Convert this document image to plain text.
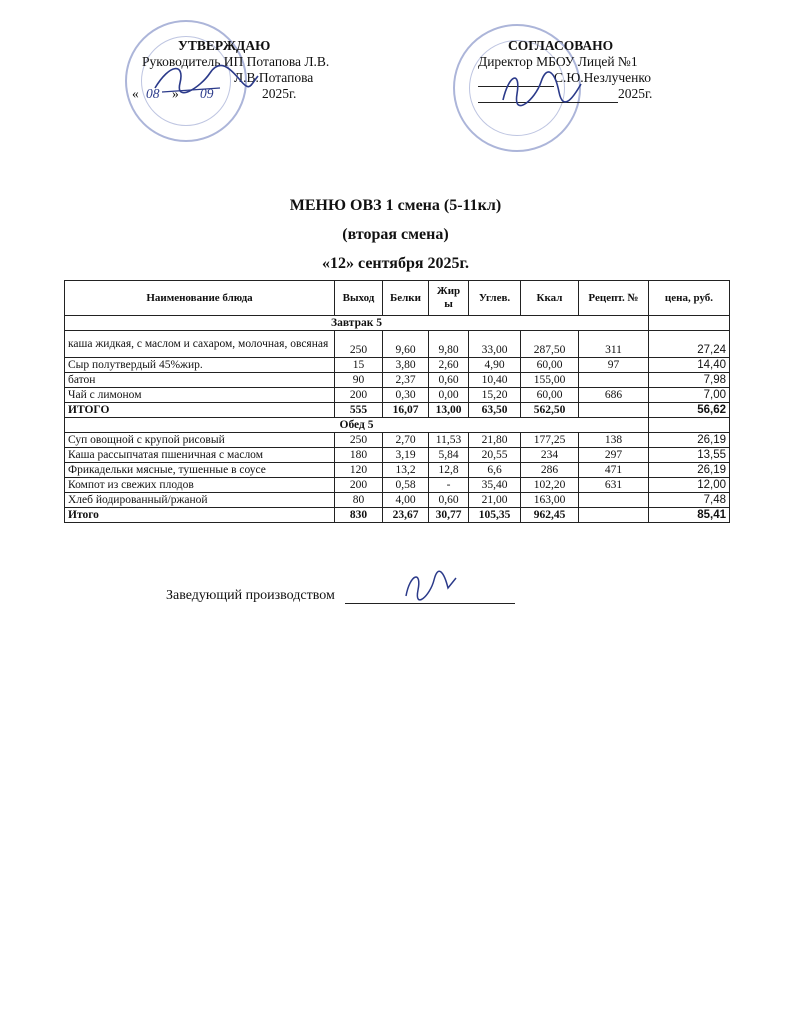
УТВЕРЖДАЮ
Руководитель ИП Потапова Л.В.
Л.В.Потапова
« 08 » 09	2025г.
СОГЛАСОВАНО
Директор МБОУ Лицей №1
С.Ю.Незлученко
2025г.
МЕНЮ ОВЗ 1 смена (5-11кл)
(вторая смена)
«12» сентября 2025г.
Наименование блюда	Выход	Белки	Жир ы	Углев.	Ккал	Рецепт. №	цена, руб.
Завтрак 5							
каша жидкая, с маслом и сахаром, молочная, овсяная	250	9,60	9,80	33,00	287,50	311	27,24
Сыр полутвердый 45%жир.	15	3,80	2,60	4,90	60,00	97	14,40
батон	90	2,37	0,60	10,40	155,00		7,98
Чай с лимоном	200	0,30	0,00	15,20	60,00	686	7,00
ИТОГО	555	16,07	13,00	63,50	562,50		56,62
Обед 5							
Суп овощной с крупой рисовый	250	2,70	11,53	21,80	177,25	138	26,19
Каша рассыпчатая пшеничная с маслом	180	3,19	5,84	20,55	234	297	13,55
Фрикадельки мясные, тушенные в соусе	120	13,2	12,8	6,6	286	471	26,19
Компот из свежих плодов	200	0,58	-	35,40	102,20	631	12,00
Хлеб йодированный/ржаной	80	4,00	0,60	21,00	163,00		7,48
Итого	830	23,67	30,77	105,35	962,45		85,41
Заведующий производством
